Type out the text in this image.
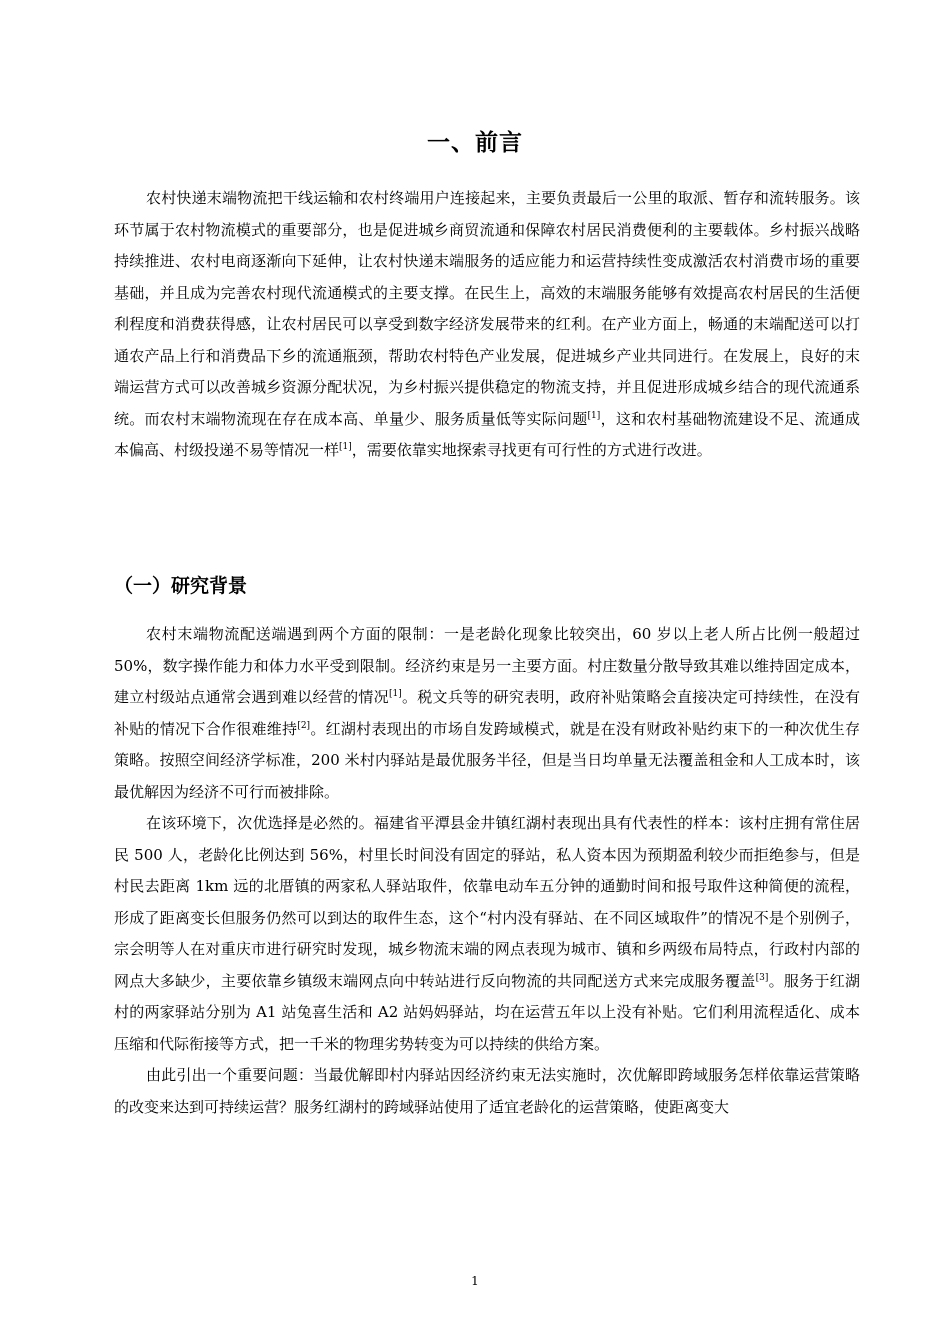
一、前言

农村快递末端物流把干线运输和农村终端用户连接起来，主要负责最后一公里的取派、暂存和流转服务。该环节属于农村物流模式的重要部分，也是促进城乡商贸流通和保障农村居民消费便利的主要载体。乡村振兴战略持续推进、农村电商逐渐向下延伸，让农村快递末端服务的适应能力和运营持续性变成激活农村消费市场的重要基础，并且成为完善农村现代流通模式的主要支撑。在民生上，高效的末端服务能够有效提高农村居民的生活便利程度和消费获得感，让农村居民可以享受到数字经济发展带来的红利。在产业方面上，畅通的末端配送可以打通农产品上行和消费品下乡的流通瓶颈，帮助农村特色产业发展，促进城乡产业共同进行。在发展上，良好的末端运营方式可以改善城乡资源分配状况，为乡村振兴提供稳定的物流支持，并且促进形成城乡结合的现代流通系统。而农村末端物流现在存在成本高、单量少、服务质量低等实际问题[1]，这和农村基础物流建设不足、流通成本偏高、村级投递不易等情况一样[1]，需要依靠实地探索寻找更有可行性的方式进行改进。

（一）研究背景

农村末端物流配送端遇到两个方面的限制：一是老龄化现象比较突出，60 岁以上老人所占比例一般超过 50%，数字操作能力和体力水平受到限制。经济约束是另一主要方面。村庄数量分散导致其难以维持固定成本，建立村级站点通常会遇到难以经营的情况[1]。税文兵等的研究表明，政府补贴策略会直接决定可持续性，在没有补贴的情况下合作很难维持[2]。红湖村表现出的市场自发跨域模式，就是在没有财政补贴约束下的一种次优生存策略。按照空间经济学标准，200 米村内驿站是最优服务半径，但是当日均单量无法覆盖租金和人工成本时，该最优解因为经济不可行而被排除。

在该环境下，次优选择是必然的。福建省平潭县金井镇红湖村表现出具有代表性的样本：该村庄拥有常住居民 500 人，老龄化比例达到 56%，村里长时间没有固定的驿站，私人资本因为预期盈利较少而拒绝参与，但是村民去距离 1km 远的北厝镇的两家私人驿站取件，依靠电动车五分钟的通勤时间和报号取件这种简便的流程，形成了距离变长但服务仍然可以到达的取件生态，这个“村内没有驿站、在不同区域取件”的情况不是个别例子，宗会明等人在对重庆市进行研究时发现，城乡物流末端的网点表现为城市、镇和乡两级布局特点，行政村内部的网点大多缺少，主要依靠乡镇级末端网点向中转站进行反向物流的共同配送方式来完成服务覆盖[3]。服务于红湖村的两家驿站分别为 A1 站兔喜生活和 A2 站妈妈驿站，均在运营五年以上没有补贴。它们利用流程适化、成本压缩和代际衔接等方式，把一千米的物理劣势转变为可以持续的供给方案。

由此引出一个重要问题：当最优解即村内驿站因经济约束无法实施时，次优解即跨域服务怎样依靠运营策略的改变来达到可持续运营？服务红湖村的跨域驿站使用了适宜老龄化的运营策略，使距离变大

1
